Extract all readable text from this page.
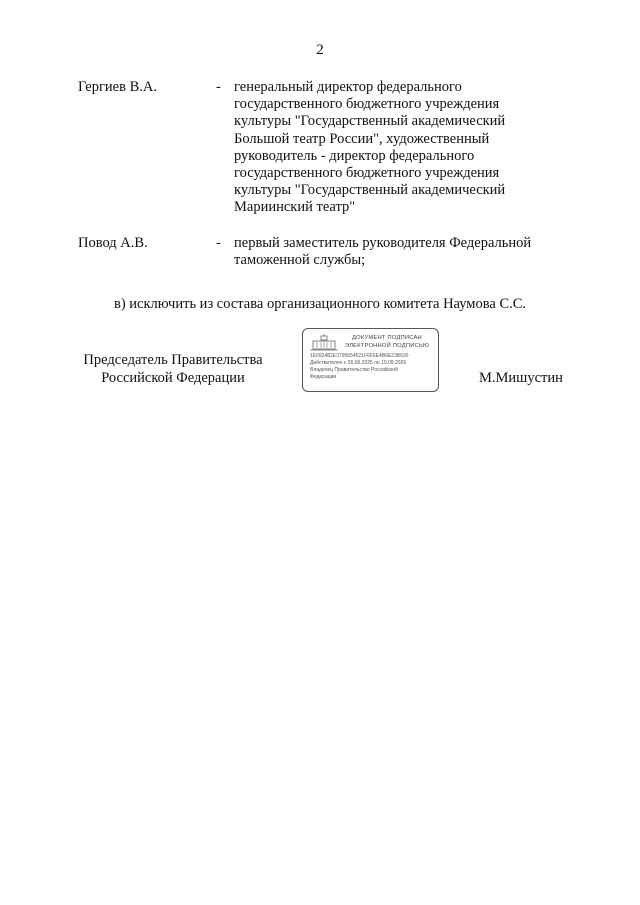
2
Гергиев В.А.	- генеральный директор федерального
государственного бюджетного учреждения
культуры "Государственный академический
Большой театр России", художественный
руководитель - директор федерального
государственного бюджетного учреждения
культуры "Государственный академический
Мариинский театр"
Повод А.В.	- первый заместитель руководителя Федеральной
таможенной службы;
в) исключить из состава организационного комитета Наумова С.С.
Председатель Правительства
Российской Федерации
ДОКУМЕНТ ПОДПИСАН
ЭЛЕКТРОННОЙ ПОДПИСЬЮ
1E692482E3795654521F6F6E4B6E23B630
Действителен с 26.06.2025 по 19.09.2026
Владелец Правительство Российской
Федерации	М.Мишустин
